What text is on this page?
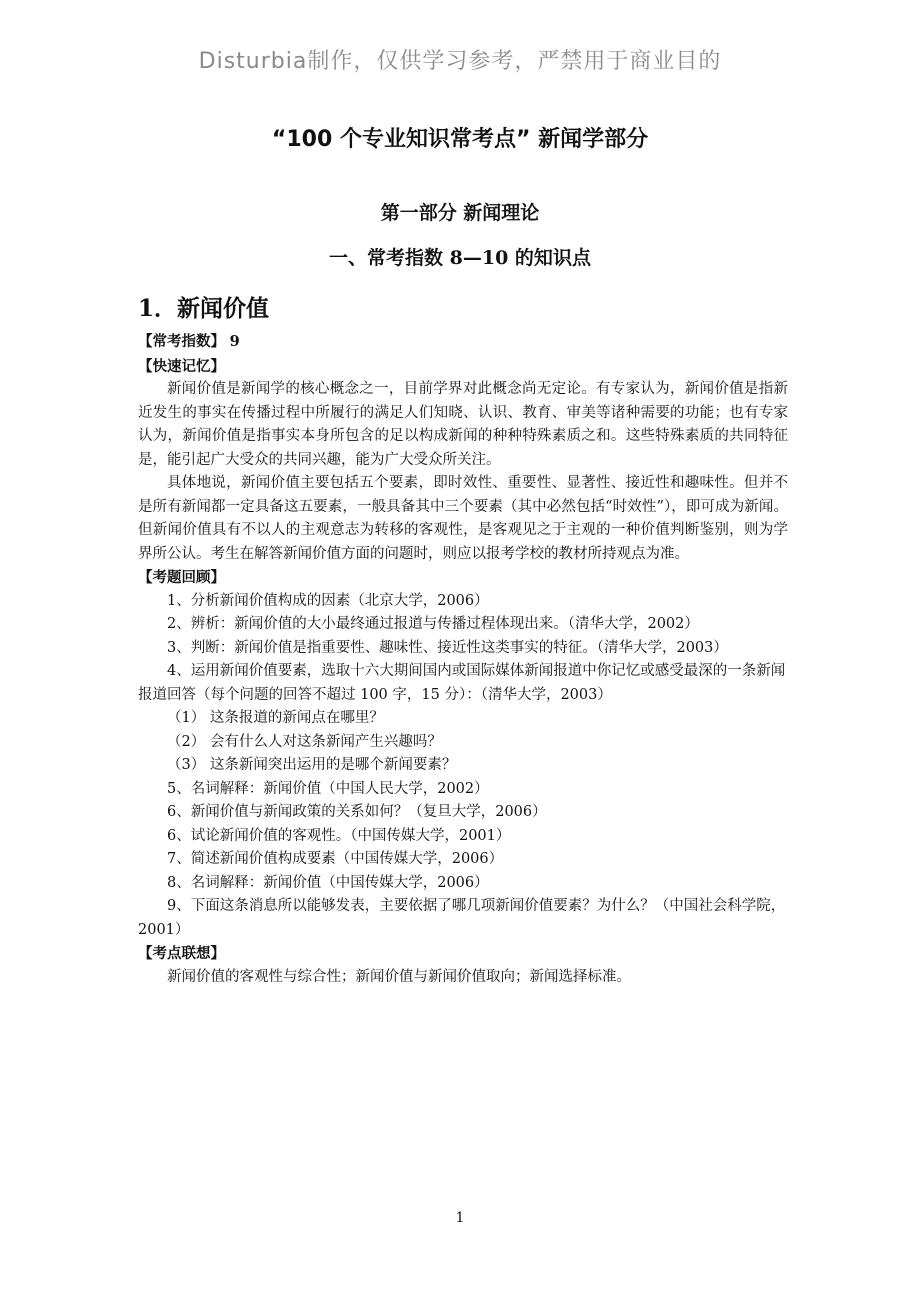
Disturbia制作，仅供学习参考，严禁用于商业目的
“100 个专业知识常考点” 新闻学部分
第一部分 新闻理论
一、常考指数 8—10 的知识点
1．新闻价值

【常考指数】 9

【快速记忆】

新闻价值是新闻学的核心概念之一，目前学界对此概念尚无定论。有专家认为，新闻价值是指新近发生的事实在传播过程中所履行的满足人们知晓、认识、教育、审美等诸种需要的功能；也有专家认为，新闻价值是指事实本身所包含的足以构成新闻的种种特殊素质之和。这些特殊素质的共同特征是，能引起广大受众的共同兴趣，能为广大受众所关注。

具体地说，新闻价值主要包括五个要素，即时效性、重要性、显著性、接近性和趣味性。但并不是所有新闻都一定具备这五要素，一般具备其中三个要素（其中必然包括“时效性”），即可成为新闻。但新闻价值具有不以人的主观意志为转移的客观性，是客观见之于主观的一种价值判断鉴别，则为学界所公认。考生在解答新闻价值方面的问题时，则应以报考学校的教材所持观点为准。

【考题回顾】

1、分析新闻价值构成的因素（北京大学，2006）

2、辨析：新闻价值的大小最终通过报道与传播过程体现出来。（清华大学，2002）

3、判断：新闻价值是指重要性、趣味性、接近性这类事实的特征。（清华大学，2003）

4、运用新闻价值要素，选取十六大期间国内或国际媒体新闻报道中你记忆或感受最深的一条新闻报道回答（每个问题的回答不超过 100 字，15 分）：（清华大学，2003）

（1） 这条报道的新闻点在哪里？

（2） 会有什么人对这条新闻产生兴趣吗？

（3） 这条新闻突出运用的是哪个新闻要素？

5、名词解释：新闻价值（中国人民大学，2002）

6、新闻价值与新闻政策的关系如何？（复旦大学，2006）

6、试论新闻价值的客观性。（中国传媒大学，2001）

7、简述新闻价值构成要素（中国传媒大学，2006）

8、名词解释：新闻价值（中国传媒大学，2006）

9、下面这条消息所以能够发表，主要依据了哪几项新闻价值要素？为什么？（中国社会科学院，2001）

【考点联想】

新闻价值的客观性与综合性；新闻价值与新闻价值取向；新闻选择标准。

1
